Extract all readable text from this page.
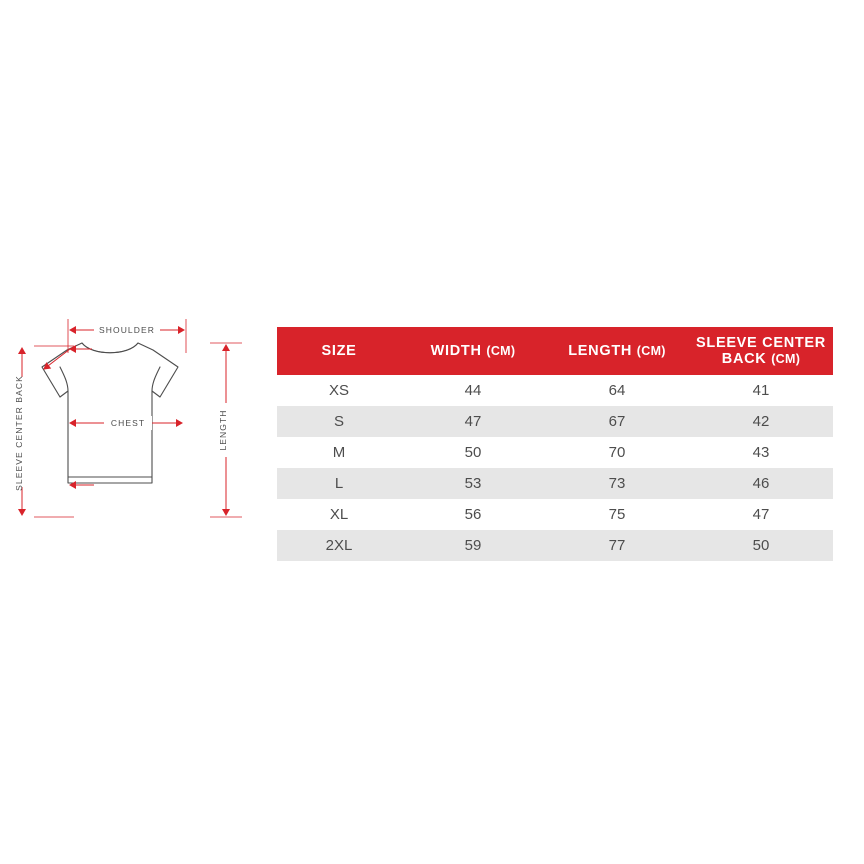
SHOULDER
CHEST	LENGTH
SLEEVE CENTER BACK
SIZE	WIDTH (CM)	LENGTH (CM)	SLEEVE CENTER BACK (CM)
XS	44	64	41
S	47	67	42
M	50	70	43
L	53	73	46
XL	56	75	47
2XL	59	77	50
